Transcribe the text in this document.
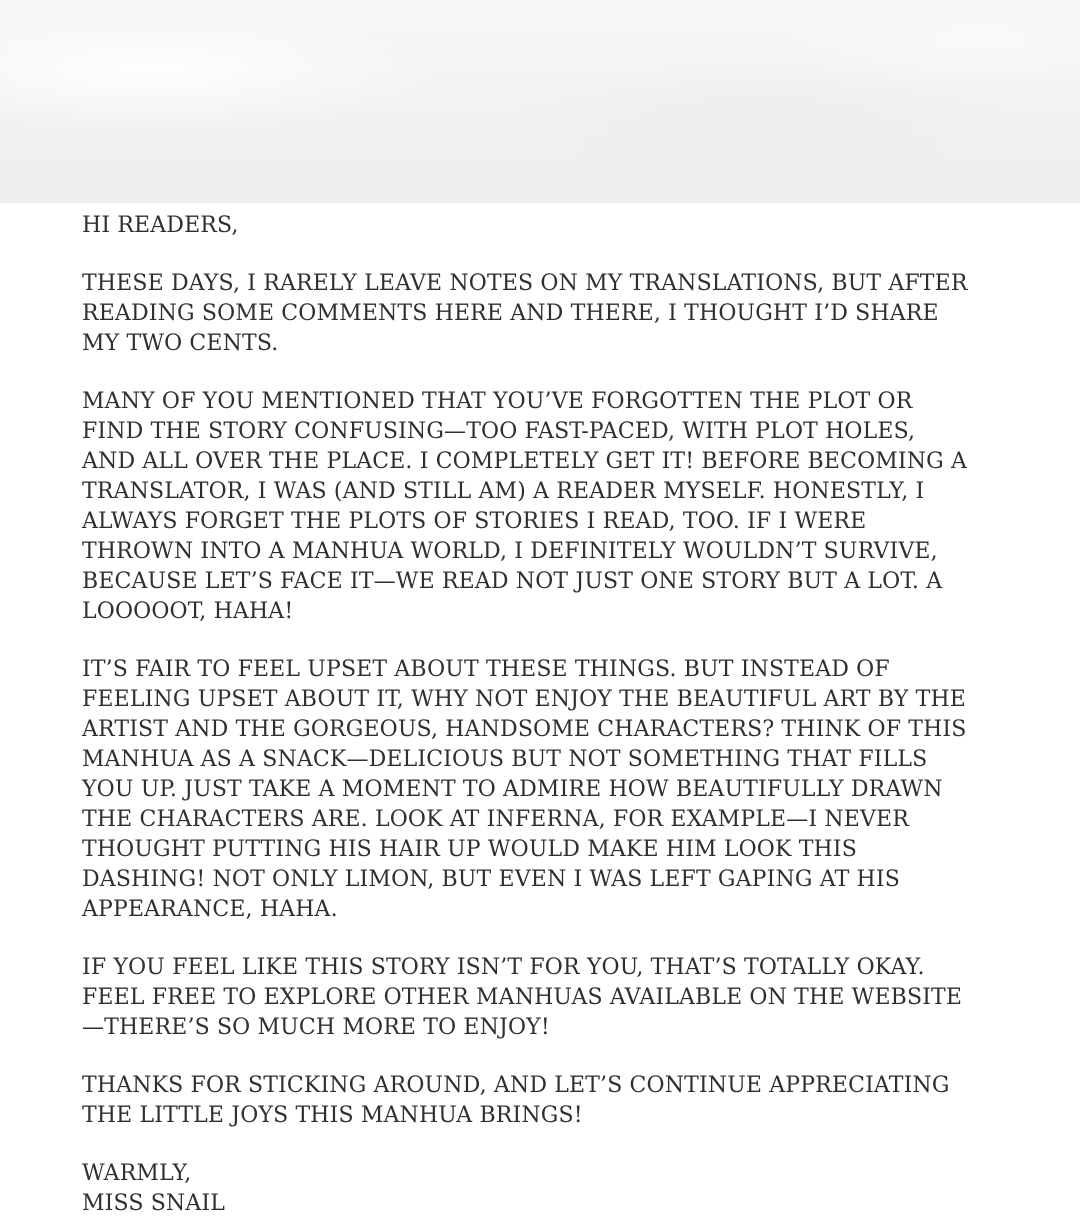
HI READERS,

THESE DAYS, I RARELY LEAVE NOTES ON MY TRANSLATIONS, BUT AFTER READING SOME COMMENTS HERE AND THERE, I THOUGHT I’D SHARE MY TWO CENTS.

MANY OF YOU MENTIONED THAT YOU’VE FORGOTTEN THE PLOT OR FIND THE STORY CONFUSING—TOO FAST-PACED, WITH PLOT HOLES, AND ALL OVER THE PLACE. I COMPLETELY GET IT! BEFORE BECOMING A TRANSLATOR, I WAS (AND STILL AM) A READER MYSELF. HONESTLY, I ALWAYS FORGET THE PLOTS OF STORIES I READ, TOO. IF I WERE THROWN INTO A MANHUA WORLD, I DEFINITELY WOULDN’T SURVIVE, BECAUSE LET’S FACE IT—WE READ NOT JUST ONE STORY BUT A LOT. A LOOOOOT, HAHA!

IT’S FAIR TO FEEL UPSET ABOUT THESE THINGS. BUT INSTEAD OF FEELING UPSET ABOUT IT, WHY NOT ENJOY THE BEAUTIFUL ART BY THE ARTIST AND THE GORGEOUS, HANDSOME CHARACTERS? THINK OF THIS MANHUA AS A SNACK—DELICIOUS BUT NOT SOMETHING THAT FILLS YOU UP. JUST TAKE A MOMENT TO ADMIRE HOW BEAUTIFULLY DRAWN THE CHARACTERS ARE. LOOK AT INFERNA, FOR EXAMPLE—I NEVER THOUGHT PUTTING HIS HAIR UP WOULD MAKE HIM LOOK THIS DASHING! NOT ONLY LIMON, BUT EVEN I WAS LEFT GAPING AT HIS APPEARANCE, HAHA.

IF YOU FEEL LIKE THIS STORY ISN’T FOR YOU, THAT’S TOTALLY OKAY. FEEL FREE TO EXPLORE OTHER MANHUAS AVAILABLE ON THE WEBSITE—THERE’S SO MUCH MORE TO ENJOY!

THANKS FOR STICKING AROUND, AND LET’S CONTINUE APPRECIATING THE LITTLE JOYS THIS MANHUA BRINGS!

WARMLY,
MISS SNAIL
